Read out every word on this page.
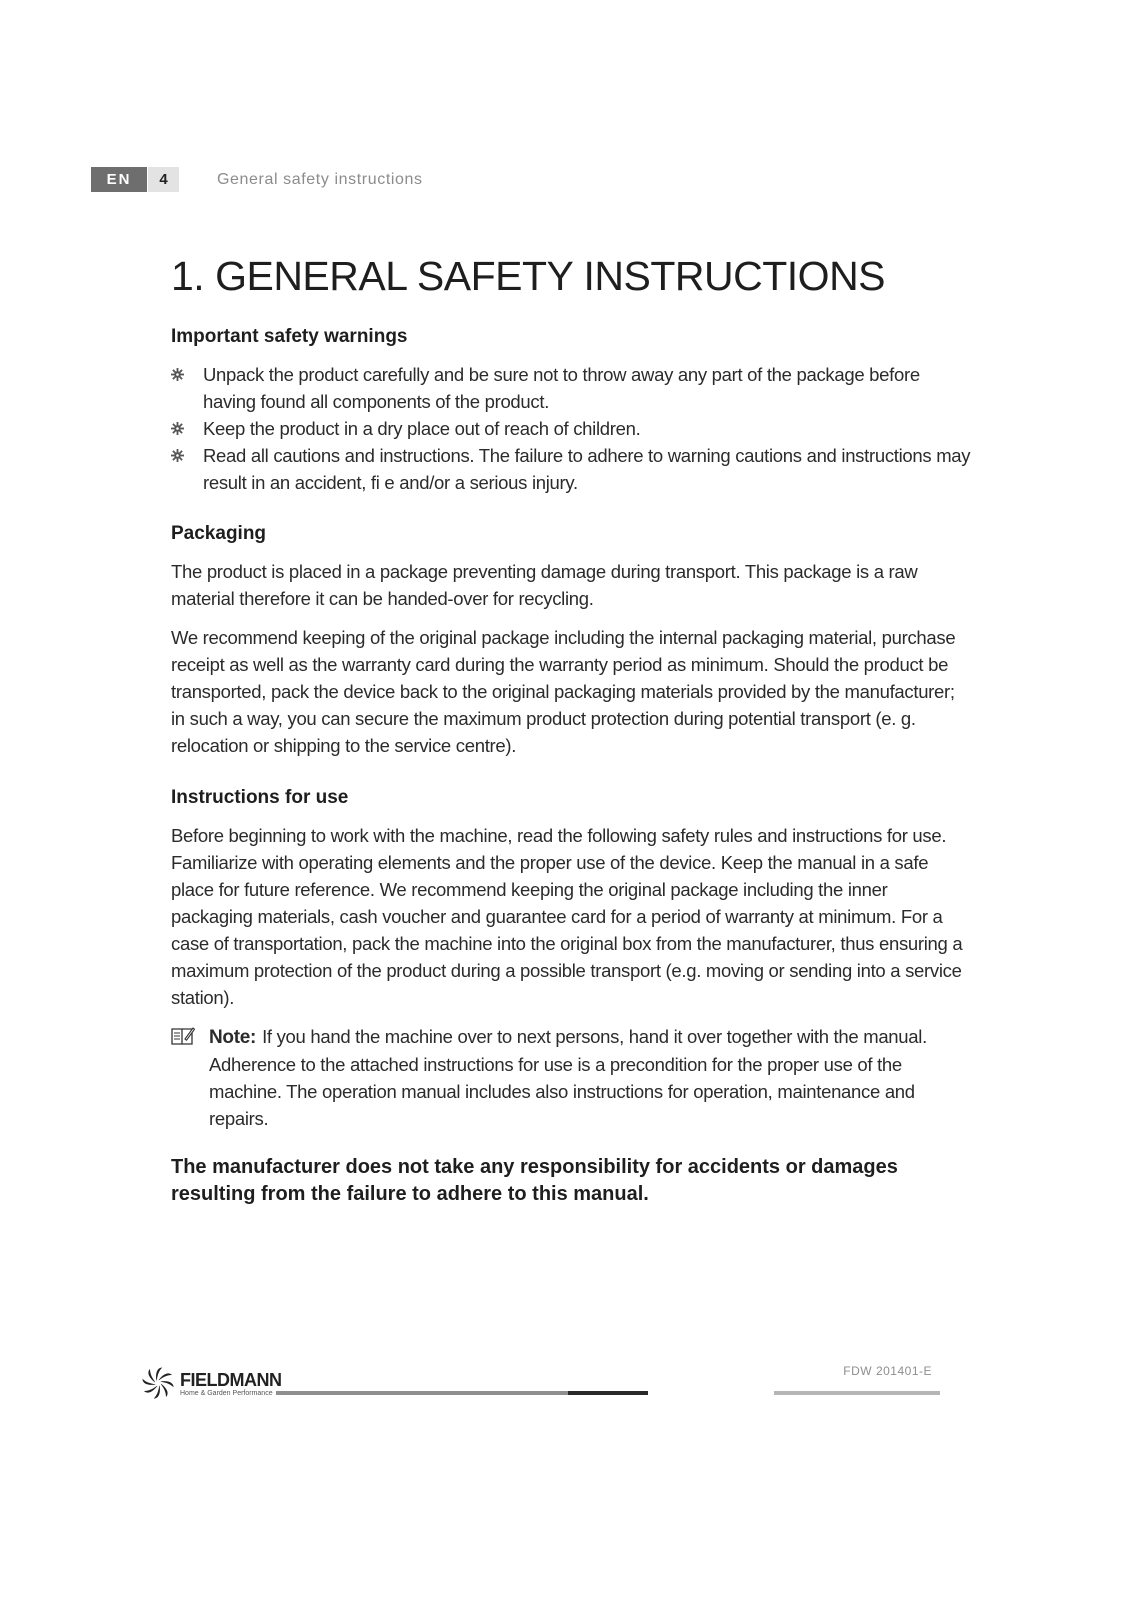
EN	4	General safety instructions
1. GENERAL SAFETY INSTRUCTIONS
Important safety warnings
Unpack the product carefully and be sure not to throw away any part of the package before having found all components of the product.
Keep the product in a dry place out of reach of children.
Read all cautions and instructions. The failure to adhere to warning cautions and instructions may result in an accident, fi e and/or a serious injury.
Packaging

The product is placed in a package preventing damage during transport. This package is a raw material therefore it can be handed-over for recycling.

We recommend keeping of the original package including the internal packaging material, purchase receipt as well as the warranty card during the warranty period as minimum. Should the product be transported, pack the device back to the original packaging materials provided by the manufacturer; in such a way, you can secure the maximum product protection during potential transport (e. g. relocation or shipping to the service centre).

Instructions for use

Before beginning to work with the machine, read the following safety rules and instructions for use. Familiarize with operating elements and the proper use of the device. Keep the manual in a safe place for future reference. We recommend keeping the original package including the inner packaging materials, cash voucher and guarantee card for a period of warranty at minimum. For a case of transportation, pack the machine into the original box from the manufacturer, thus ensuring a maximum protection of the product during a possible transport (e.g. moving or sending into a service station).

Note: If you hand the machine over to next persons, hand it over together with the manual. Adherence to the attached instructions for use is a precondition for the proper use of the machine. The operation manual includes also instructions for operation, maintenance and repairs.

The manufacturer does not take any responsibility for accidents or damages resulting from the failure to adhere to this manual.

FIELDMANN
Home & Garden Performance
FDW 201401-E
